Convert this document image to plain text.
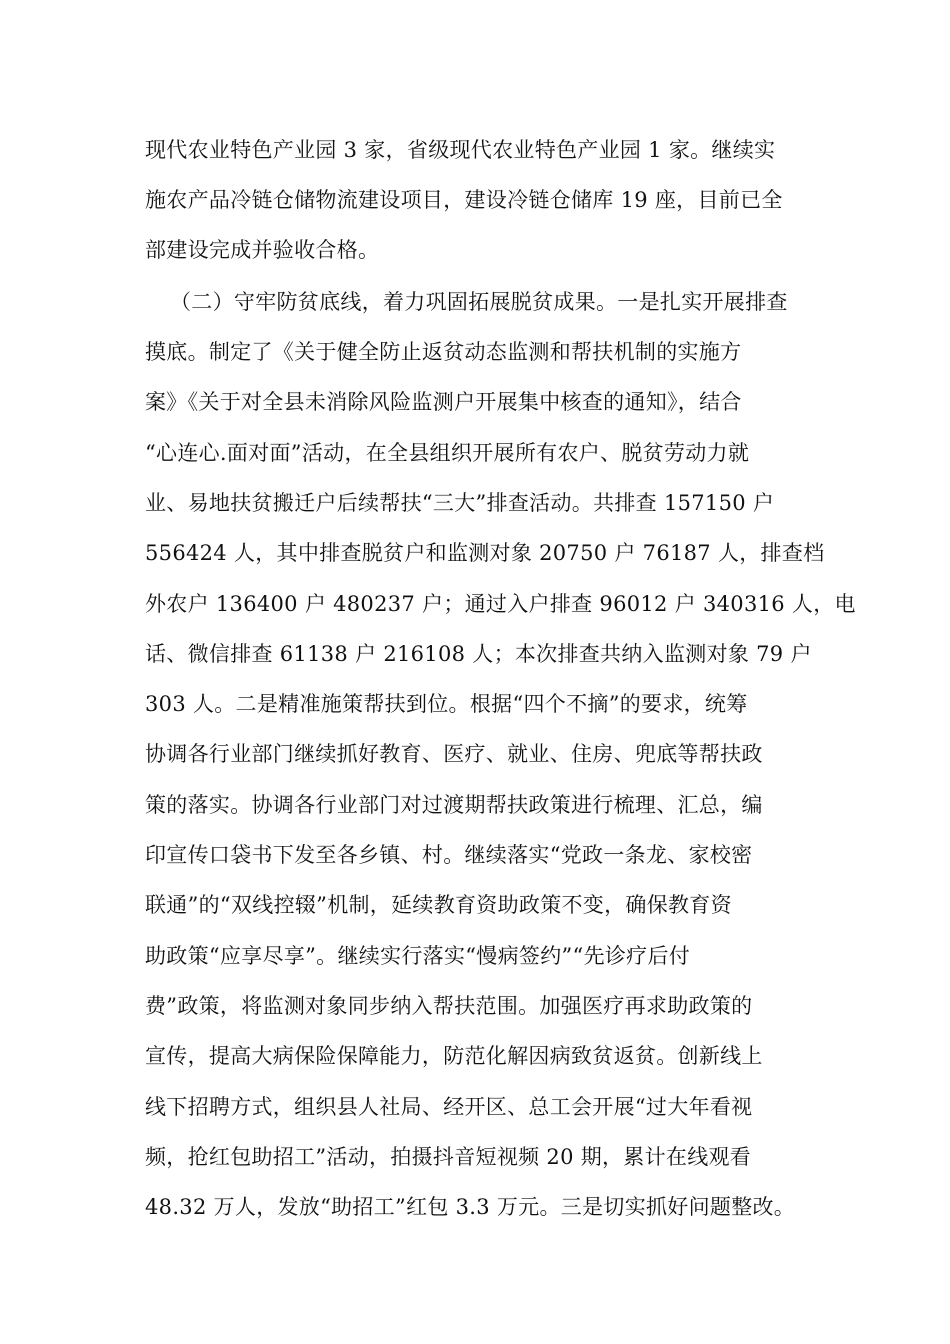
现代农业特色产业园 3 家，省级现代农业特色产业园 1 家。继续实
施农产品冷链仓储物流建设项目，建设冷链仓储库 19 座，目前已全
部建设完成并验收合格。
（二）守牢防贫底线，着力巩固拓展脱贫成果。一是扎实开展排查
摸底。制定了《关于健全防止返贫动态监测和帮扶机制的实施方
案》《关于对全县未消除风险监测户开展集中核查的通知》，结合
“心连心.面对面”活动，在全县组织开展所有农户、脱贫劳动力就
业、易地扶贫搬迁户后续帮扶“三大”排查活动。共排查 157150 户
556424 人，其中排查脱贫户和监测对象 20750 户 76187 人，排查档
外农户 136400 户 480237 户；通过入户排查 96012 户 340316 人，电
话、微信排查 61138 户 216108 人；本次排查共纳入监测对象 79 户
303 人。二是精准施策帮扶到位。根据“四个不摘”的要求，统筹
协调各行业部门继续抓好教育、医疗、就业、住房、兜底等帮扶政
策的落实。协调各行业部门对过渡期帮扶政策进行梳理、汇总，编
印宣传口袋书下发至各乡镇、村。继续落实“党政一条龙、家校密
联通”的“双线控辍”机制，延续教育资助政策不变，确保教育资
助政策“应享尽享”。继续实行落实“慢病签约”“先诊疗后付
费”政策，将监测对象同步纳入帮扶范围。加强医疗再求助政策的
宣传，提高大病保险保障能力，防范化解因病致贫返贫。创新线上
线下招聘方式，组织县人社局、经开区、总工会开展“过大年看视
频，抢红包助招工”活动，拍摄抖音短视频 20 期，累计在线观看
48.32 万人，发放“助招工”红包 3.3 万元。三是切实抓好问题整改。
